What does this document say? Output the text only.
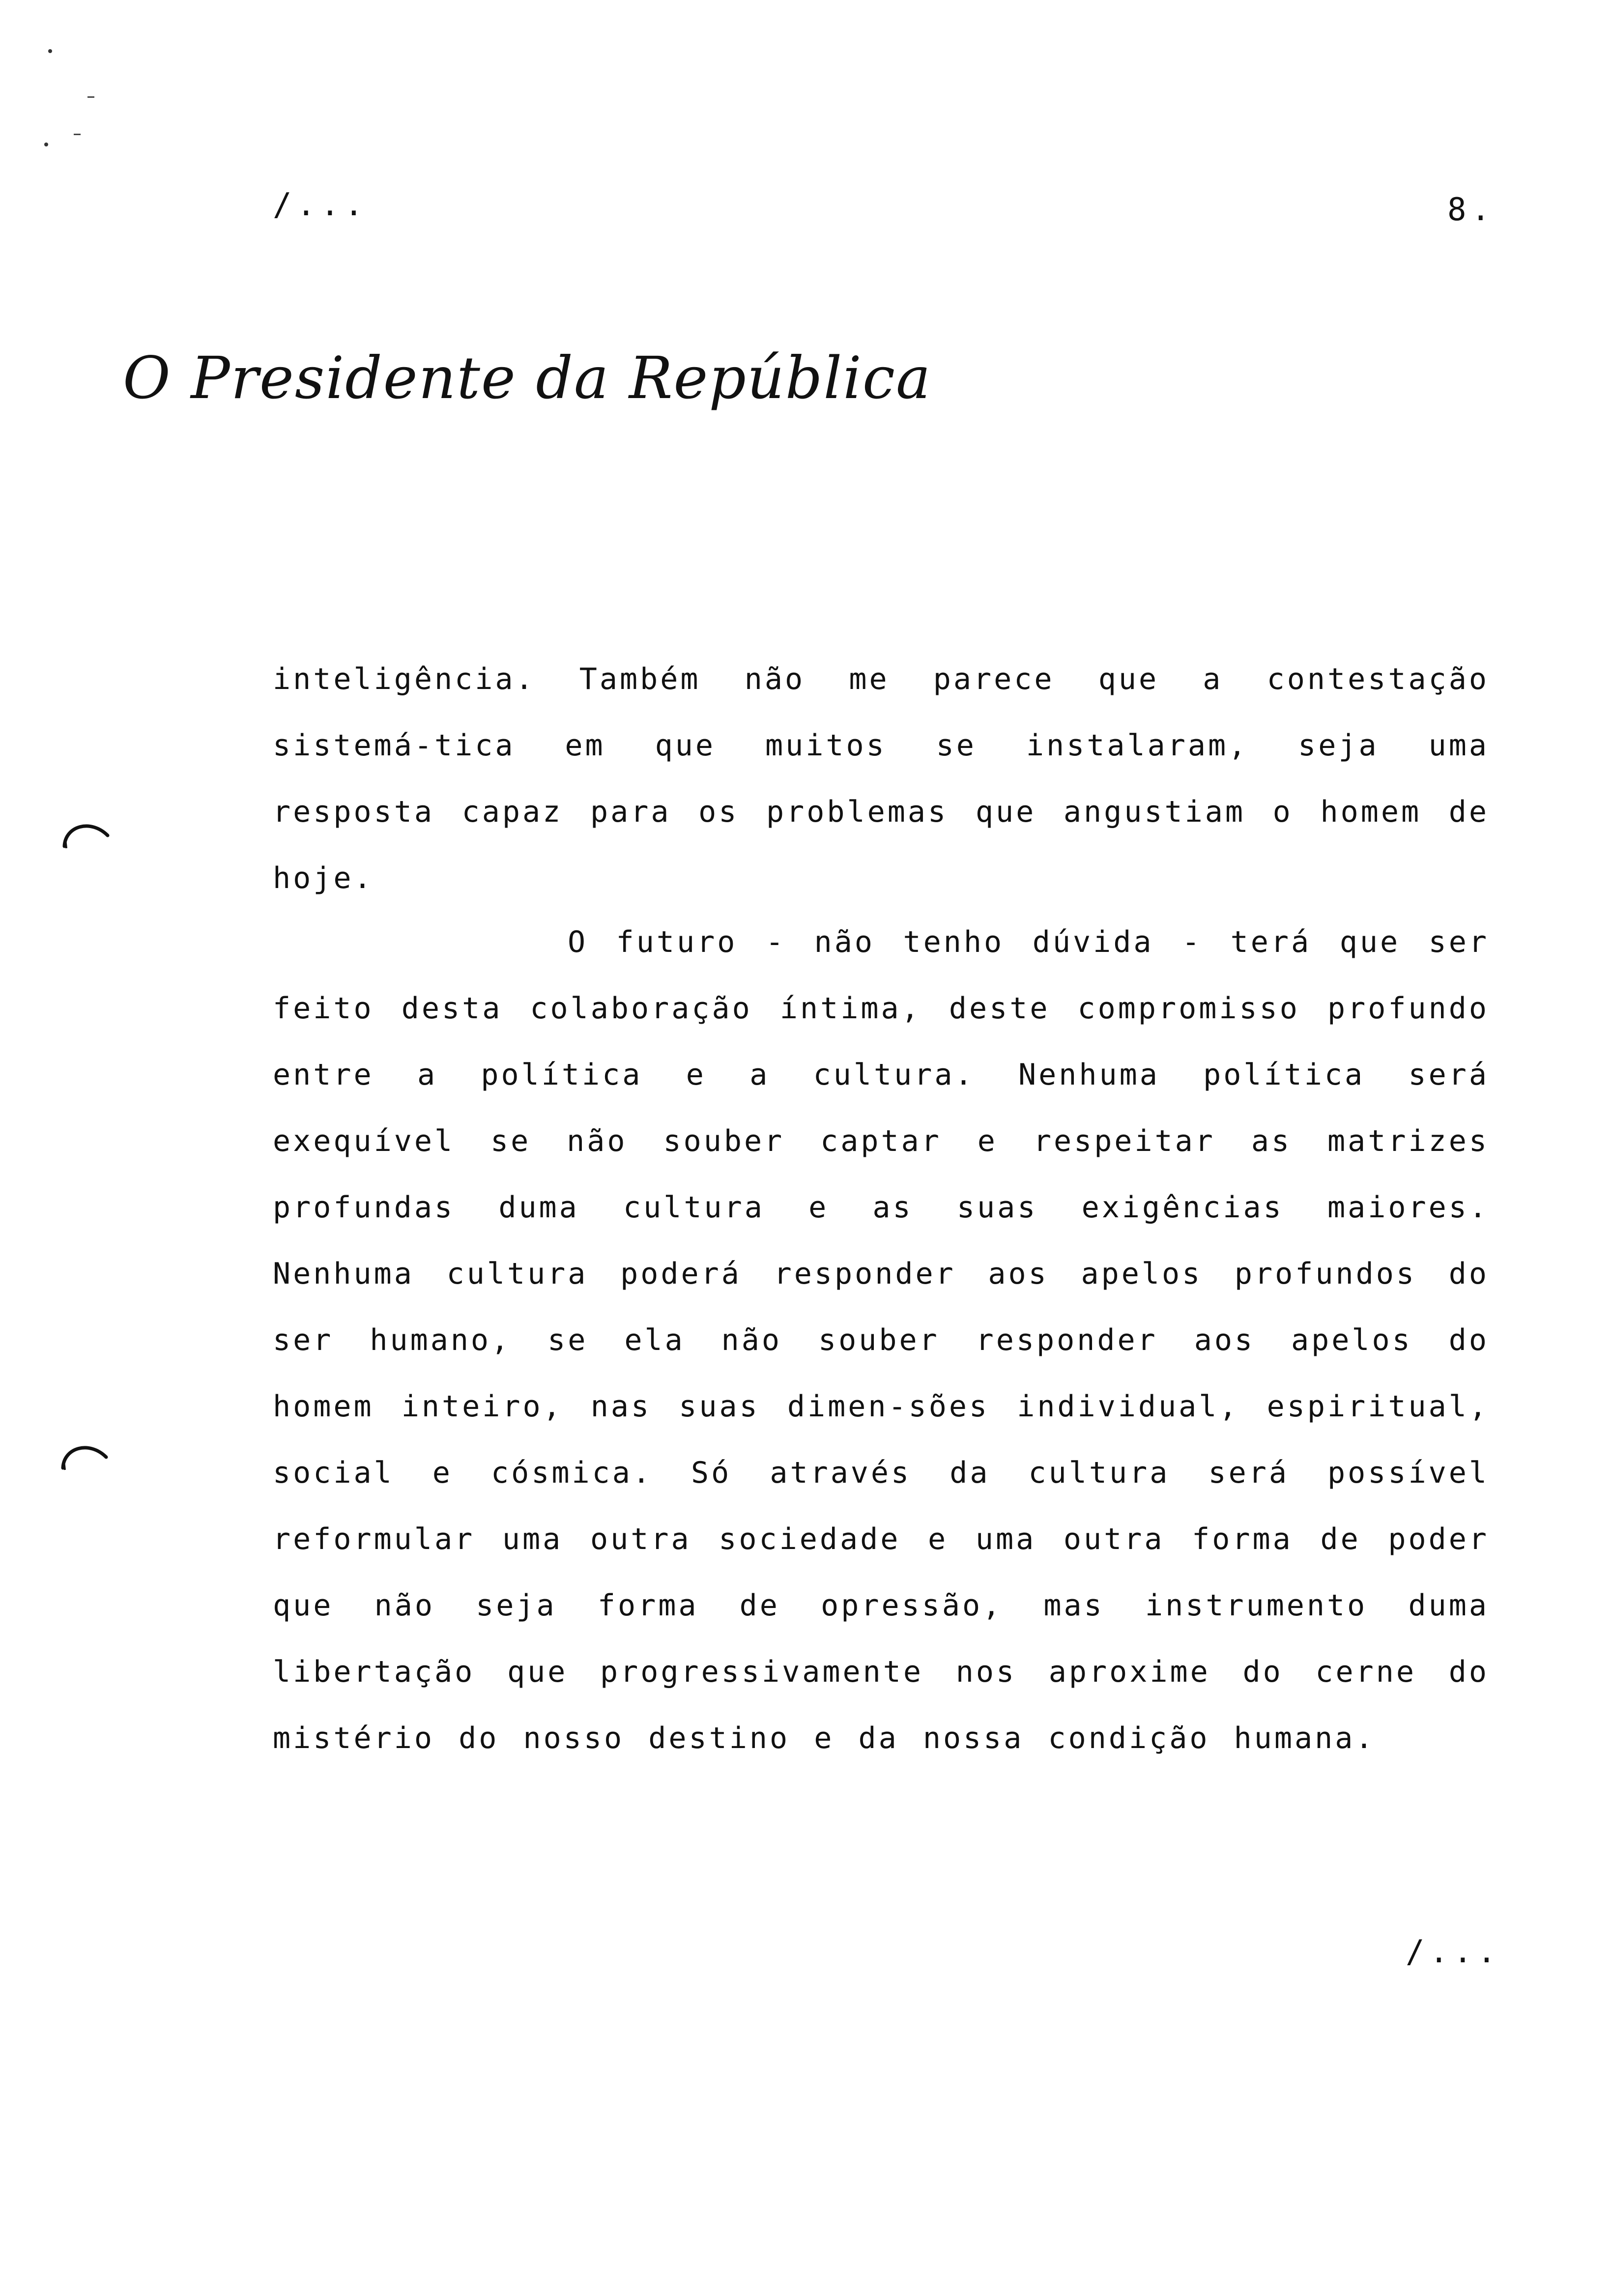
/...	8.
O Presidente da República

inteligência. Também não me parece que a contestação sistemá-tica em que muitos se instalaram, seja uma resposta capaz para os problemas que angustiam o homem de hoje.

O futuro - não tenho dúvida - terá que ser feito desta colaboração íntima, deste compromisso profundo entre a política e a cultura. Nenhuma política será exequível se não souber captar e respeitar as matrizes profundas duma cultura e as suas exigências maiores. Nenhuma cultura poderá responder aos apelos profundos do ser humano, se ela não souber responder aos apelos do homem inteiro, nas suas dimen-sões individual, espiritual, social e cósmica. Só através da cultura será possível reformular uma outra sociedade e uma outra forma de poder que não seja forma de opressão, mas instrumento duma libertação que progressivamente nos aproxime do cerne do mistério do nosso destino e da nossa condição humana.

/...
